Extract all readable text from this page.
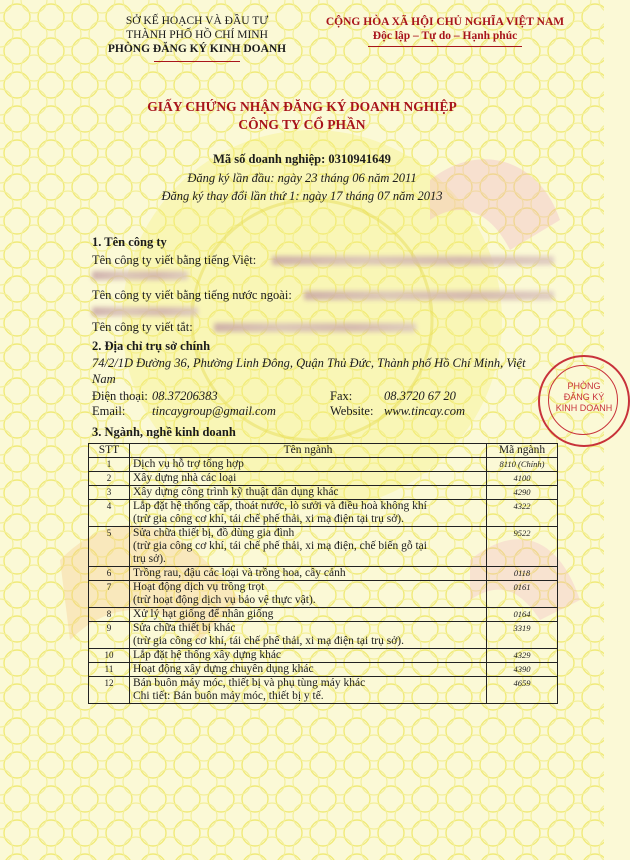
SỞ KẾ HOẠCH VÀ ĐẦU TƯ
THÀNH PHỐ HỒ CHÍ MINH
PHÒNG ĐĂNG KÝ KINH DOANH
CỘNG HÒA XÃ HỘI CHỦ NGHĨA VIỆT NAM
Độc lập – Tự do – Hạnh phúc
GIẤY CHỨNG NHẬN ĐĂNG KÝ DOANH NGHIỆP
CÔNG TY CỔ PHẦN
Mã số doanh nghiệp: 0310941649
Đăng ký lần đầu: ngày 23 tháng 06 năm 2011
Đăng ký thay đổi lần thứ 1: ngày 17 tháng 07 năm 2013
1. Tên công ty
Tên công ty viết bằng tiếng Việt:
Tên công ty viết bằng tiếng nước ngoài:
Tên công ty viết tắt:
2. Địa chỉ trụ sở chính
74/2/1D Đường 36, Phường Linh Đông, Quận Thủ Đức, Thành phố Hồ Chí Minh, Việt
Nam
Điện thoại: 08.37206383	Fax:	08.3720 67 20
Email: tincaygroup@gmail.com	Website: www.tincay.com
3. Ngành, nghề kinh doanh
STT	Tên ngành	Mã ngành
1	Dịch vụ hỗ trợ tổng hợp	8110 (Chính)
2	Xây dựng nhà các loại	4100
3	Xây dựng công trình kỹ thuật dân dụng khác	4290
4	Lắp đặt hệ thống cấp, thoát nước, lò sưởi và điều hoà không khí
(trừ gia công cơ khí, tái chế phế thải, xi mạ điện tại trụ sở).	4322
5	Sửa chữa thiết bị, đồ dùng gia đình
(trừ gia công cơ khí, tái chế phế thải, xi mạ điện, chế biến gỗ tại
trụ sở).	9522
6	Trồng rau, đậu các loại và trồng hoa, cây cảnh	0118
7	Hoạt động dịch vụ trồng trọt
(trừ hoạt động dịch vụ bảo vệ thực vật).	0161
8	Xử lý hạt giống để nhân giống	0164
9	Sửa chữa thiết bị khác
(trừ gia công cơ khí, tái chế phế thải, xi mạ điện tại trụ sở).	3319
10	Lắp đặt hệ thống xây dựng khác	4329
11	Hoạt động xây dựng chuyên dụng khác	4390
12	Bán buôn máy móc, thiết bị và phụ tùng máy khác
Chi tiết: Bán buôn máy móc, thiết bị y tế.	4659
PHÒNG
ĐĂNG KÝ
KINH DOANH
